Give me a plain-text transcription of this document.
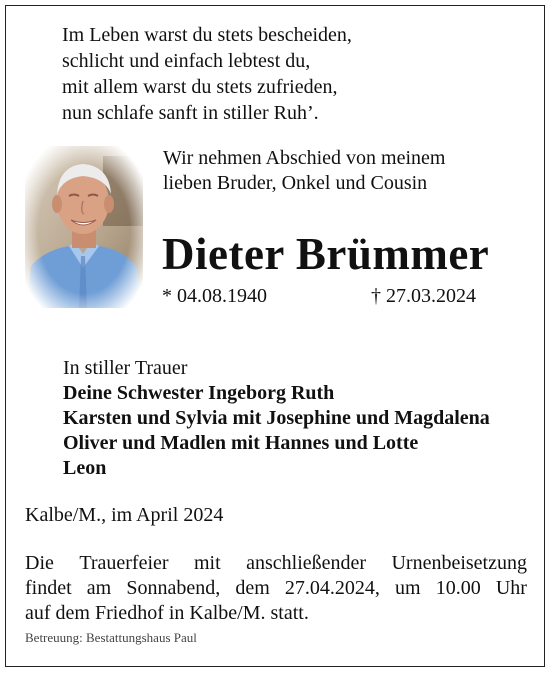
Im Leben warst du stets bescheiden,
schlicht und einfach lebtest du,
mit allem warst du stets zufrieden,
nun schlafe sanft in stiller Ruh’.
Wir nehmen Abschied von meinem
lieben Bruder, Onkel und Cousin
Dieter Brümmer
* 04.08.1940	† 27.03.2024
In stiller Trauer
Deine Schwester Ingeborg Ruth
Karsten und Sylvia mit Josephine und Magdalena
Oliver und Madlen mit Hannes und Lotte
Leon
Kalbe/M., im April 2024
Die Trauerfeier mit anschließender Urnenbeisetzung
findet am Sonnabend, dem 27.04.2024, um 10.00 Uhr
auf dem Friedhof in Kalbe/M. statt.
Betreuung: Bestattungshaus Paul
